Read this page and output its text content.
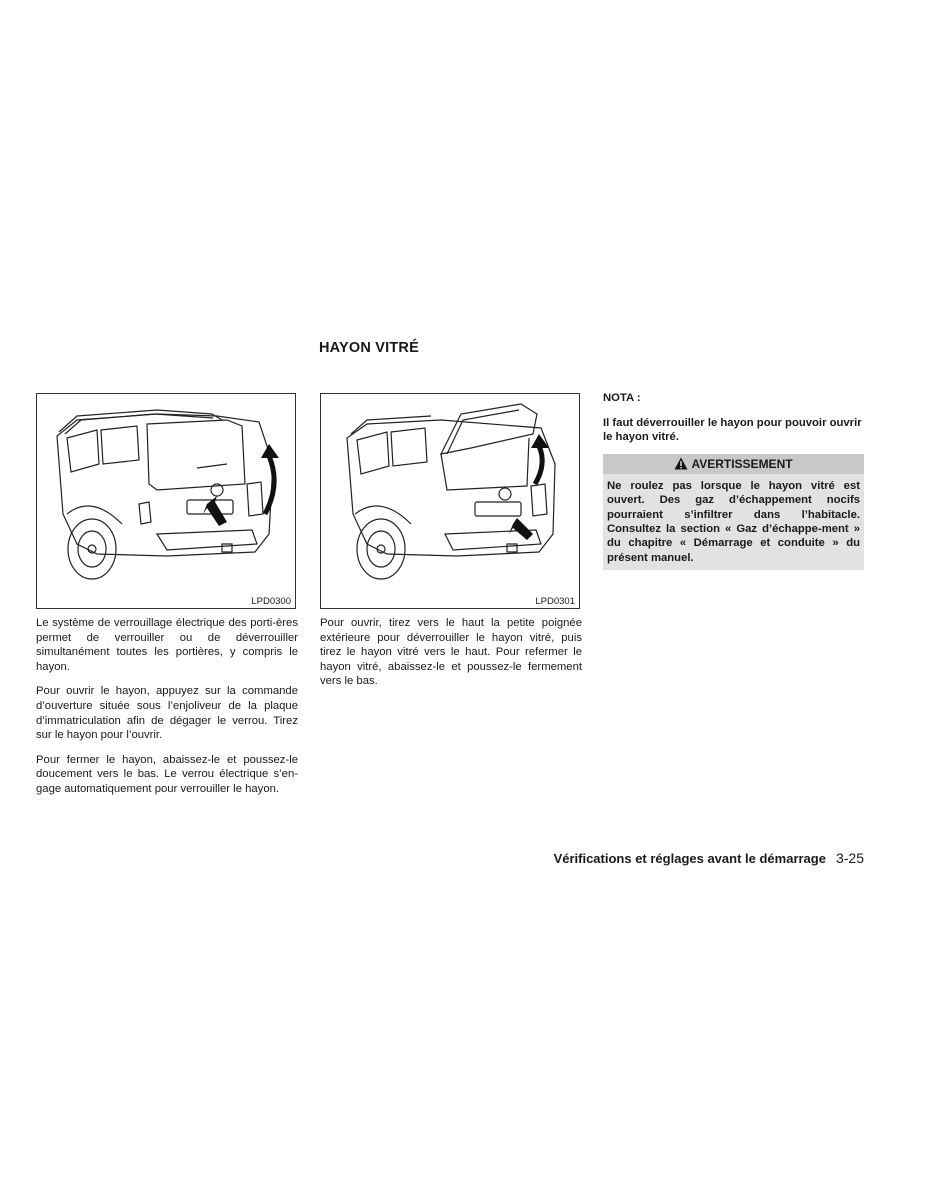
HAYON VITRÉ
LPD0300	LPD0301

Le système de verrouillage électrique des porti-ères permet de verrouiller ou de déverrouiller simultanément toutes les portières, y compris le hayon.

Pour ouvrir le hayon, appuyez sur la commande d’ouverture située sous l’enjoliveur de la plaque d’immatriculation afin de dégager le verrou. Tirez sur le hayon pour l’ouvrir.

Pour fermer le hayon, abaissez-le et poussez-le doucement vers le bas. Le verrou électrique s’en-gage automatiquement pour verrouiller le hayon.

Pour ouvrir, tirez vers le haut la petite poignée extérieure pour déverrouiller le hayon vitré, puis tirez le hayon vitré vers le haut. Pour refermer le hayon vitré, abaissez-le et poussez-le fermement vers le bas.

NOTA :
Il faut déverrouiller le hayon pour pouvoir ouvrir le hayon vitré.
AVERTISSEMENT
Ne roulez pas lorsque le hayon vitré est ouvert. Des gaz d’échappement nocifs pourraient s’infiltrer dans l’habitacle. Consultez la section « Gaz d’échappe-ment » du chapitre « Démarrage et conduite » du présent manuel.
Vérifications et réglages avant le démarrage 3-25
